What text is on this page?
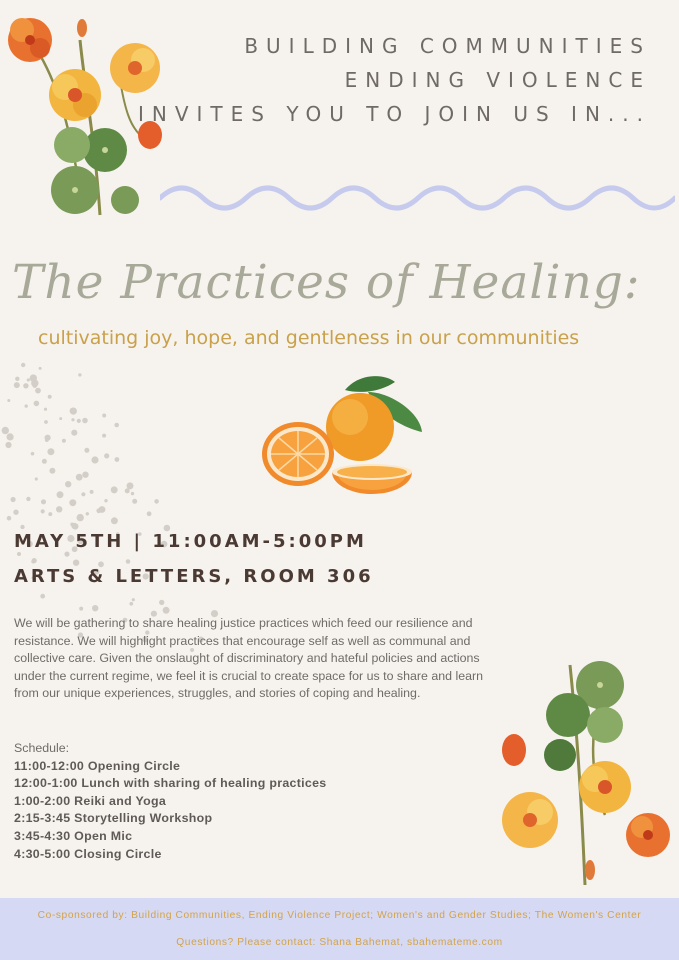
BUILDING COMMUNITIES
ENDING VIOLENCE
INVITES YOU TO JOIN US IN...
The Practices of Healing:
cultivating joy, hope, and gentleness in our communities
MAY 5TH | 11:00AM-5:00PM
ARTS & LETTERS, ROOM 306

We will be gathering to share healing justice practices which feed our resilience and resistance. We will highlight practices that encourage self as well as communal and collective care. Given the onslaught of discriminatory and hateful policies and actions under the current regime, we feel it is crucial to create space for us to share and learn from our unique experiences, struggles, and stories of coping and healing.

Schedule:
11:00-12:00 Opening Circle
12:00-1:00 Lunch with sharing of healing practices
1:00-2:00 Reiki and Yoga
2:15-3:45 Storytelling Workshop
3:45-4:30 Open Mic
4:30-5:00 Closing Circle
Co-sponsored by: Building Communities, Ending Violence Project; Women's and Gender Studies; The Women's Center
Questions? Please contact: Shana Bahemat, sbahemateme.com
